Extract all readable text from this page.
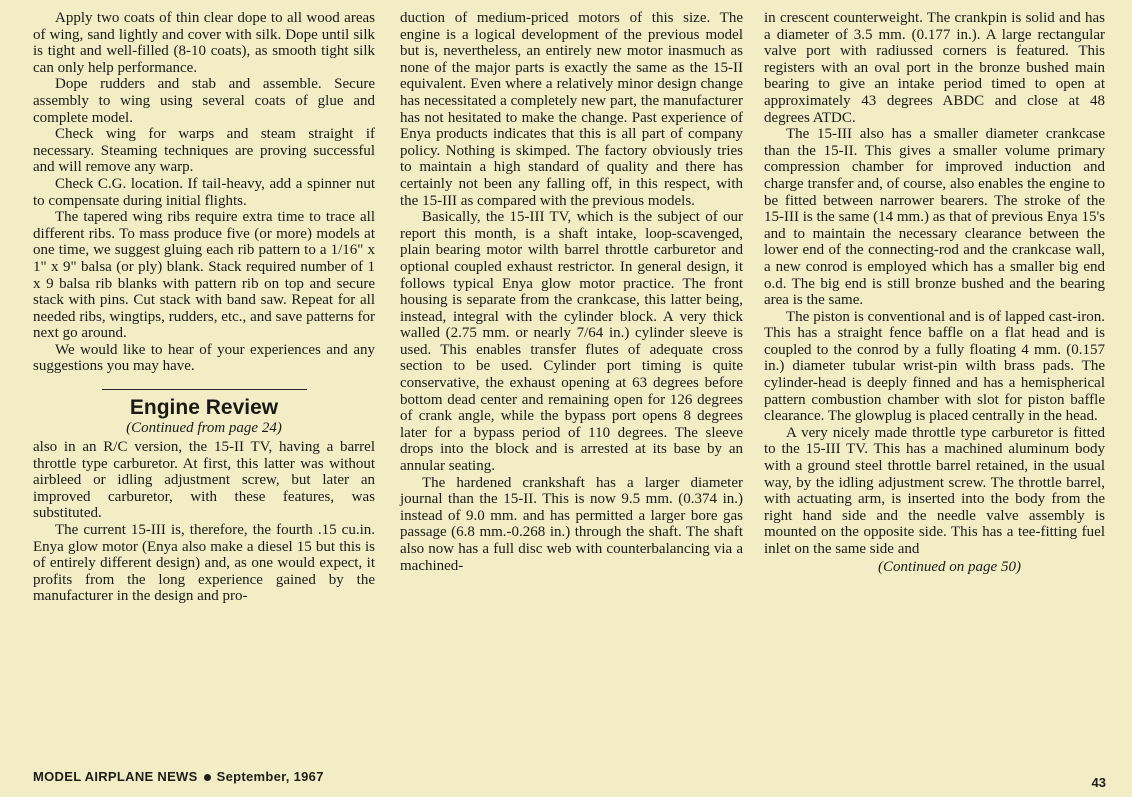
Apply two coats of thin clear dope to all wood areas of wing, sand lightly and cover with silk. Dope until silk is tight and well-filled (8-10 coats), as smooth tight silk can only help performance.

Dope rudders and stab and assemble. Secure assembly to wing using several coats of glue and complete model.

Check wing for warps and steam straight if necessary. Steaming techniques are proving successful and will remove any warp.

Check C.G. location. If tail-heavy, add a spinner nut to compensate during initial flights.

The tapered wing ribs require extra time to trace all different ribs. To mass produce five (or more) models at one time, we suggest gluing each rib pattern to a 1/16" x 1" x 9" balsa (or ply) blank. Stack required number of 1 x 9 balsa rib blanks with pattern rib on top and secure stack with pins. Cut stack with band saw. Repeat for all needed ribs, wingtips, rudders, etc., and save patterns for next go around.

We would like to hear of your experiences and any suggestions you may have.

Engine Review
(Continued from page 24)

also in an R/C version, the 15-II TV, having a barrel throttle type carburetor. At first, this latter was without airbleed or idling adjustment screw, but later an improved carburetor, with these features, was substituted.

The current 15-III is, therefore, the fourth .15 cu.in. Enya glow motor (Enya also make a diesel 15 but this is of entirely different design) and, as one would expect, it profits from the long experience gained by the manufacturer in the design and pro-

duction of medium-priced motors of this size. The engine is a logical development of the previous model but is, nevertheless, an entirely new motor inasmuch as none of the major parts is exactly the same as the 15-II equivalent. Even where a relatively minor design change has necessitated a completely new part, the manufacturer has not hesitated to make the change. Past experience of Enya products indicates that this is all part of company policy. Nothing is skimped. The factory obviously tries to maintain a high standard of quality and there has certainly not been any falling off, in this respect, with the 15-III as compared with the previous models.

Basically, the 15-III TV, which is the subject of our report this month, is a shaft intake, loop-scavenged, plain bearing motor wilth barrel throttle carburetor and optional coupled exhaust restrictor. In general design, it follows typical Enya glow motor practice. The front housing is separate from the crankcase, this latter being, instead, integral with the cylinder block. A very thick walled (2.75 mm. or nearly 7/64 in.) cylinder sleeve is used. This enables transfer flutes of adequate cross section to be used. Cylinder port timing is quite conservative, the exhaust opening at 63 degrees before bottom dead center and remaining open for 126 degrees of crank angle, while the bypass port opens 8 degrees later for a bypass period of 110 degrees. The sleeve drops into the block and is arrested at its base by an annular seating.

The hardened crankshaft has a larger diameter journal than the 15-II. This is now 9.5 mm. (0.374 in.) instead of 9.0 mm. and has permitted a larger bore gas passage (6.8 mm.-0.268 in.) through the shaft. The shaft also now has a full disc web with counterbalancing via a machined-

in crescent counterweight. The crankpin is solid and has a diameter of 3.5 mm. (0.177 in.). A large rectangular valve port with radiussed corners is featured. This registers with an oval port in the bronze bushed main bearing to give an intake period timed to open at approximately 43 degrees ABDC and close at 48 degrees ATDC.

The 15-III also has a smaller diameter crankcase than the 15-II. This gives a smaller volume primary compression chamber for improved induction and charge transfer and, of course, also enables the engine to be fitted between narrower bearers. The stroke of the 15-III is the same (14 mm.) as that of previous Enya 15's and to maintain the necessary clearance between the lower end of the connecting-rod and the crankcase wall, a new conrod is employed which has a smaller big end o.d. The big end is still bronze bushed and the bearing area is the same.

The piston is conventional and is of lapped cast-iron. This has a straight fence baffle on a flat head and is coupled to the conrod by a fully floating 4 mm. (0.157 in.) diameter tubular wrist-pin wilth brass pads. The cylinder-head is deeply finned and has a hemispherical pattern combustion chamber with slot for piston baffle clearance. The glowplug is placed centrally in the head.

A very nicely made throttle type carburetor is fitted to the 15-III TV. This has a machined aluminum body with a ground steel throttle barrel retained, in the usual way, by the idling adjustment screw. The throttle barrel, with actuating arm, is inserted into the body from the right hand side and the needle valve assembly is mounted on the opposite side. This has a tee-fitting fuel inlet on the same side and

(Continued on page 50)
MODEL AIRPLANE NEWS September, 1967	43
